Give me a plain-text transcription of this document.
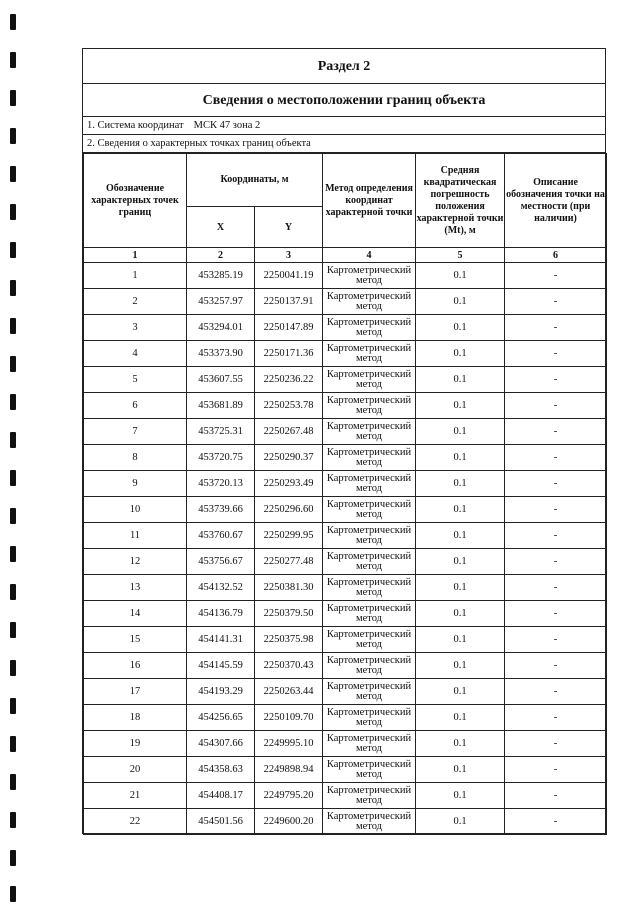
Раздел 2
Сведения о местоположении границ объекта
1. Система координат МСК 47 зона 2
2. Сведения о характерных точках границ объекта
Обозначение характерных точек границ	Координаты, м		Метод определения координат характерной точки	Средняя квадратическая погрешность положения характерной точки (Mt), м	Описание обозначения точки на местности (при наличии)
	X	Y			
1	2	3	4	5	6
1	453285.19	2250041.19	Картометрический метод	0.1	-
2	453257.97	2250137.91	Картометрический метод	0.1	-
3	453294.01	2250147.89	Картометрический метод	0.1	-
4	453373.90	2250171.36	Картометрический метод	0.1	-
5	453607.55	2250236.22	Картометрический метод	0.1	-
6	453681.89	2250253.78	Картометрический метод	0.1	-
7	453725.31	2250267.48	Картометрический метод	0.1	-
8	453720.75	2250290.37	Картометрический метод	0.1	-
9	453720.13	2250293.49	Картометрический метод	0.1	-
10	453739.66	2250296.60	Картометрический метод	0.1	-
11	453760.67	2250299.95	Картометрический метод	0.1	-
12	453756.67	2250277.48	Картометрический метод	0.1	-
13	454132.52	2250381.30	Картометрический метод	0.1	-
14	454136.79	2250379.50	Картометрический метод	0.1	-
15	454141.31	2250375.98	Картометрический метод	0.1	-
16	454145.59	2250370.43	Картометрический метод	0.1	-
17	454193.29	2250263.44	Картометрический метод	0.1	-
18	454256.65	2250109.70	Картометрический метод	0.1	-
19	454307.66	2249995.10	Картометрический метод	0.1	-
20	454358.63	2249898.94	Картометрический метод	0.1	-
21	454408.17	2249795.20	Картометрический метод	0.1	-
22	454501.56	2249600.20	Картометрический метод	0.1	-
